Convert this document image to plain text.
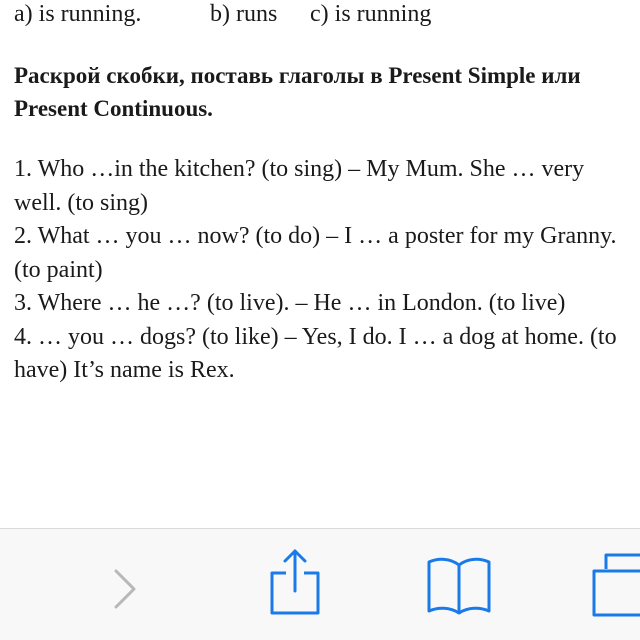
a) is running.	b) runs c) is running
Раскрой скобки, поставь глаголы в Present Simple или Present Continuous.

1. Who …in the kitchen? (to sing) – My Mum. She … very well. (to sing)

2. What … you … now? (to do) – I … a poster for my Granny. (to paint)

3. Where … he …? (to live). – He … in London. (to live)

4. … you … dogs? (to like) – Yes, I do. I … a dog at home. (to have) It’s name is Rex.
